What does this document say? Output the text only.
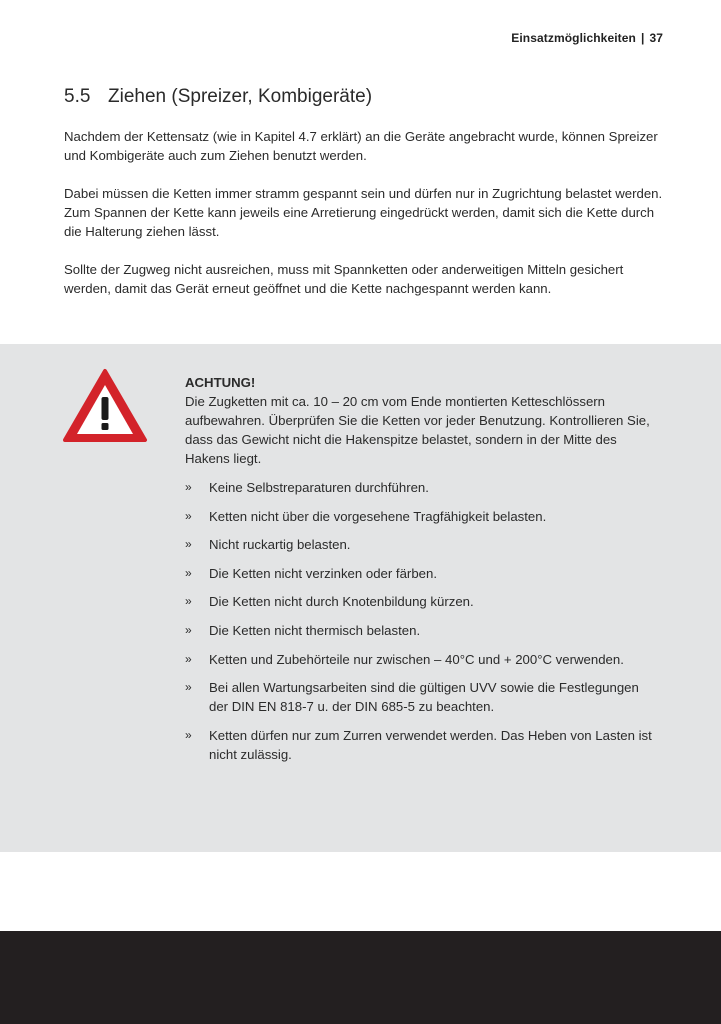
Einsatzmöglichkeiten | 37
5.5 Ziehen (Spreizer, Kombigeräte)

Nachdem der Kettensatz (wie in Kapitel 4.7 erklärt) an die Geräte angebracht wurde, können Spreizer und Kombigeräte auch zum Ziehen benutzt werden.

Dabei müssen die Ketten immer stramm gespannt sein und dürfen nur in Zugrichtung belastet werden. Zum Spannen der Kette kann jeweils eine Arretierung eingedrückt werden, damit sich die Kette durch die Halterung ziehen lässt.

Sollte der Zugweg nicht ausreichen, muss mit Spannketten oder anderweitigen Mitteln gesichert werden, damit das Gerät erneut geöffnet und die Kette nachgespannt werden kann.

ACHTUNG!

Die Zugketten mit ca. 10 – 20 cm vom Ende montierten Ketteschlössern aufbewahren. Überprüfen Sie die Ketten vor jeder Benutzung. Kontrollieren Sie, dass das Gewicht nicht die Hakenspitze belastet, sondern in der Mitte des Hakens liegt.

» Keine Selbstreparaturen durchführen.
» Ketten nicht über die vorgesehene Tragfähigkeit belasten.
» Nicht ruckartig belasten.
» Die Ketten nicht verzinken oder färben.
» Die Ketten nicht durch Knotenbildung kürzen.
» Die Ketten nicht thermisch belasten.
» Ketten und Zubehörteile nur zwischen – 40°C und + 200°C verwenden.
» Bei allen Wartungsarbeiten sind die gültigen UVV sowie die Festlegungen der DIN EN 818-7 u. der DIN 685-5 zu beachten.
» Ketten dürfen nur zum Zurren verwendet werden. Das Heben von Lasten ist nicht zulässig.
